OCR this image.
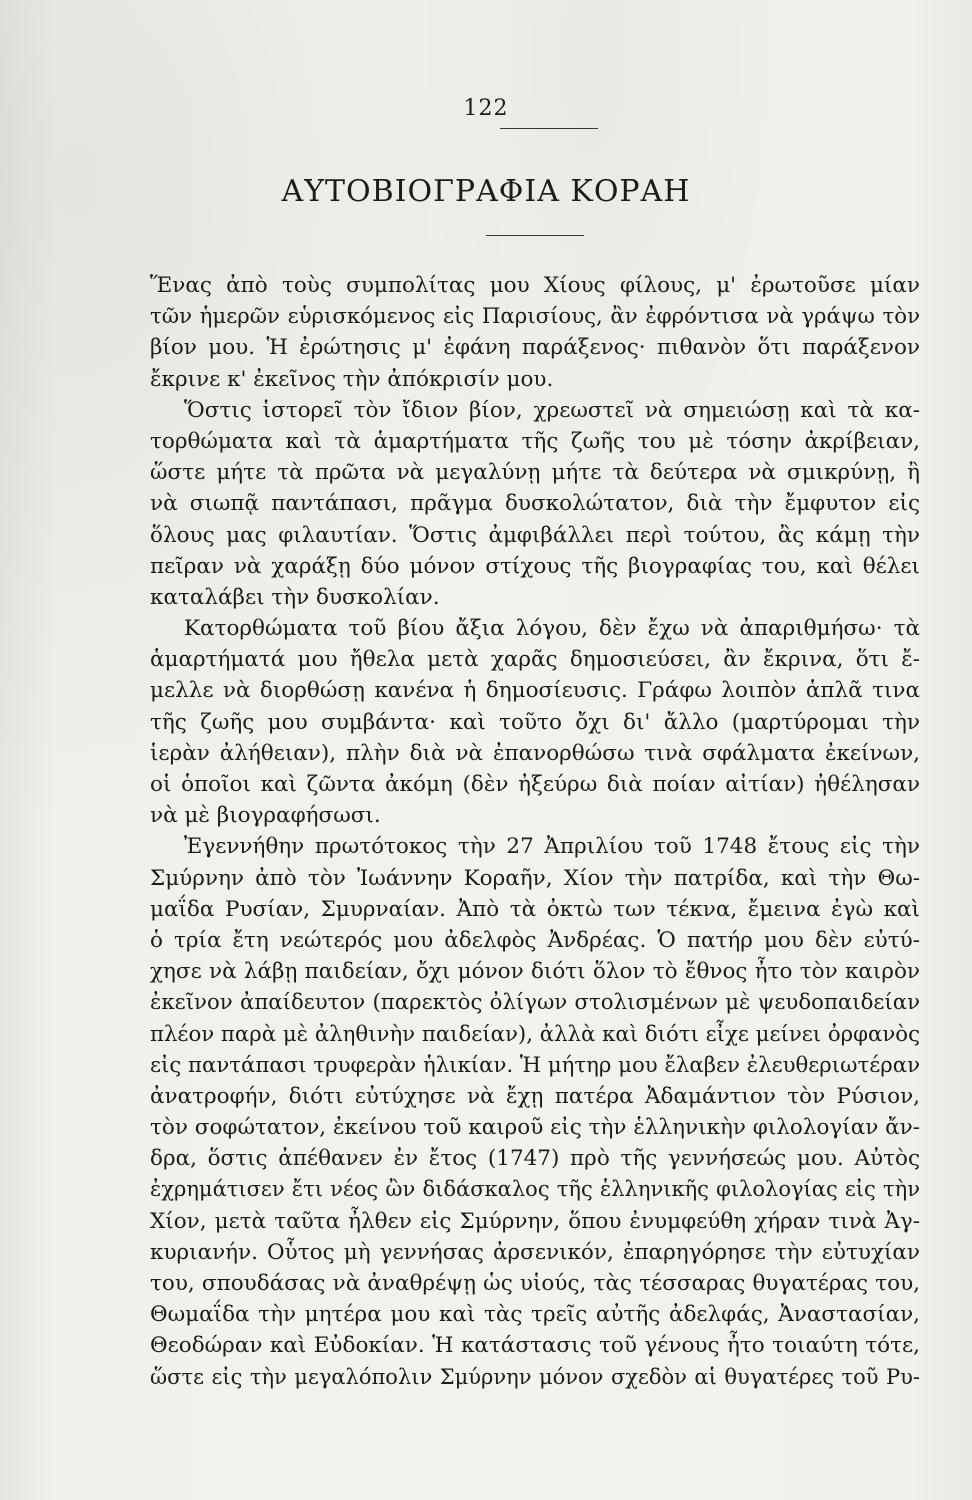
122
ΑΥΤΟΒΙΟΓΡΑΦΙΑ ΚΟΡΑΗ
Ἕνας ἀπὸ τοὺς συμπολίτας μου Χίους φίλους, μ' ἐρωτοῦσε μίαν
τῶν ἡμερῶν εὑρισκόμενος εἰς Παρισίους, ἂν ἐφρόντισα νὰ γράψω τὸν
βίον μου. Ἡ ἐρώτησις μ' ἐφάνη παράξενος· πιθανὸν ὅτι παράξενον
ἔκρινε κ' ἐκεῖνος τὴν ἀπόκρισίν μου.
Ὅστις ἱστορεῖ τὸν ἴδιον βίον, χρεωστεῖ νὰ σημειώσῃ καὶ τὰ κα-
τορθώματα καὶ τὰ ἁμαρτήματα τῆς ζωῆς του μὲ τόσην ἀκρίβειαν,
ὥστε μήτε τὰ πρῶτα νὰ μεγαλύνῃ μήτε τὰ δεύτερα νὰ σμικρύνῃ, ἢ
νὰ σιωπᾷ παντάπασι, πρᾶγμα δυσκολώτατον, διὰ τὴν ἔμφυτον εἰς
ὅλους μας φιλαυτίαν. Ὅστις ἀμφιβάλλει περὶ τούτου, ἂς κάμῃ τὴν
πεῖραν νὰ χαράξῃ δύο μόνον στίχους τῆς βιογραφίας του, καὶ θέλει
καταλάβει τὴν δυσκολίαν.
Κατορθώματα τοῦ βίου ἄξια λόγου, δὲν ἔχω νὰ ἀπαριθμήσω· τὰ
ἁμαρτήματά μου ἤθελα μετὰ χαρᾶς δημοσιεύσει, ἂν ἔκρινα, ὅτι ἔ-
μελλε νὰ διορθώσῃ κανένα ἡ δημοσίευσις. Γράφω λοιπὸν ἁπλᾶ τινα
τῆς ζωῆς μου συμβάντα· καὶ τοῦτο ὄχι δι' ἄλλο (μαρτύρομαι τὴν
ἱερὰν ἀλήθειαν), πλὴν διὰ νὰ ἐπανορθώσω τινὰ σφάλματα ἐκείνων,
οἱ ὁποῖοι καὶ ζῶντα ἀκόμη (δὲν ἠξεύρω διὰ ποίαν αἰτίαν) ἠθέλησαν
νὰ μὲ βιογραφήσωσι.
Ἐγεννήθην πρωτότοκος τὴν 27 Ἀπριλίου τοῦ 1748 ἔτους εἰς τὴν
Σμύρνην ἀπὸ τὸν Ἰωάννην Κοραῆν, Χίον τὴν πατρίδα, καὶ τὴν Θω-
μαΐδα Ρυσίαν, Σμυρναίαν. Ἀπὸ τὰ ὀκτὼ των τέκνα, ἔμεινα ἐγὼ καὶ
ὁ τρία ἔτη νεώτερός μου ἀδελφὸς Ἀνδρέας. Ὁ πατήρ μου δὲν εὐτύ-
χησε νὰ λάβῃ παιδείαν, ὄχι μόνον διότι ὅλον τὸ ἔθνος ἦτο τὸν καιρὸν
ἐκεῖνον ἀπαίδευτον (παρεκτὸς ὀλίγων στολισμένων μὲ ψευδοπαιδείαν
πλέον παρὰ μὲ ἀληθινὴν παιδείαν), ἀλλὰ καὶ διότι εἶχε μείνει ὀρφανὸς
εἰς παντάπασι τρυφερὰν ἡλικίαν. Ἡ μήτηρ μου ἔλαβεν ἐλευθεριωτέραν
ἀνατροφήν, διότι εὐτύχησε νὰ ἔχῃ πατέρα Ἀδαμάντιον τὸν Ρύσιον,
τὸν σοφώτατον, ἐκείνου τοῦ καιροῦ εἰς τὴν ἑλληνικὴν φιλολογίαν ἄν-
δρα, ὅστις ἀπέθανεν ἐν ἔτος (1747) πρὸ τῆς γεννήσεώς μου. Αὐτὸς
ἐχρημάτισεν ἔτι νέος ὢν διδάσκαλος τῆς ἑλληνικῆς φιλολογίας εἰς τὴν
Χίον, μετὰ ταῦτα ἦλθεν εἰς Σμύρνην, ὅπου ἐνυμφεύθη χήραν τινὰ Ἀγ-
κυριανήν. Οὗτος μὴ γεννήσας ἀρσενικόν, ἐπαρηγόρησε τὴν εὐτυχίαν
του, σπουδάσας νὰ ἀναθρέψῃ ὡς υἱούς, τὰς τέσσαρας θυγατέρας του,
Θωμαΐδα τὴν μητέρα μου καὶ τὰς τρεῖς αὐτῆς ἀδελφάς, Ἀναστασίαν,
Θεοδώραν καὶ Εὐδοκίαν. Ἡ κατάστασις τοῦ γένους ἦτο τοιαύτη τότε,
ὥστε εἰς τὴν μεγαλόπολιν Σμύρνην μόνον σχεδὸν αἱ θυγατέρες τοῦ Ρυ-
